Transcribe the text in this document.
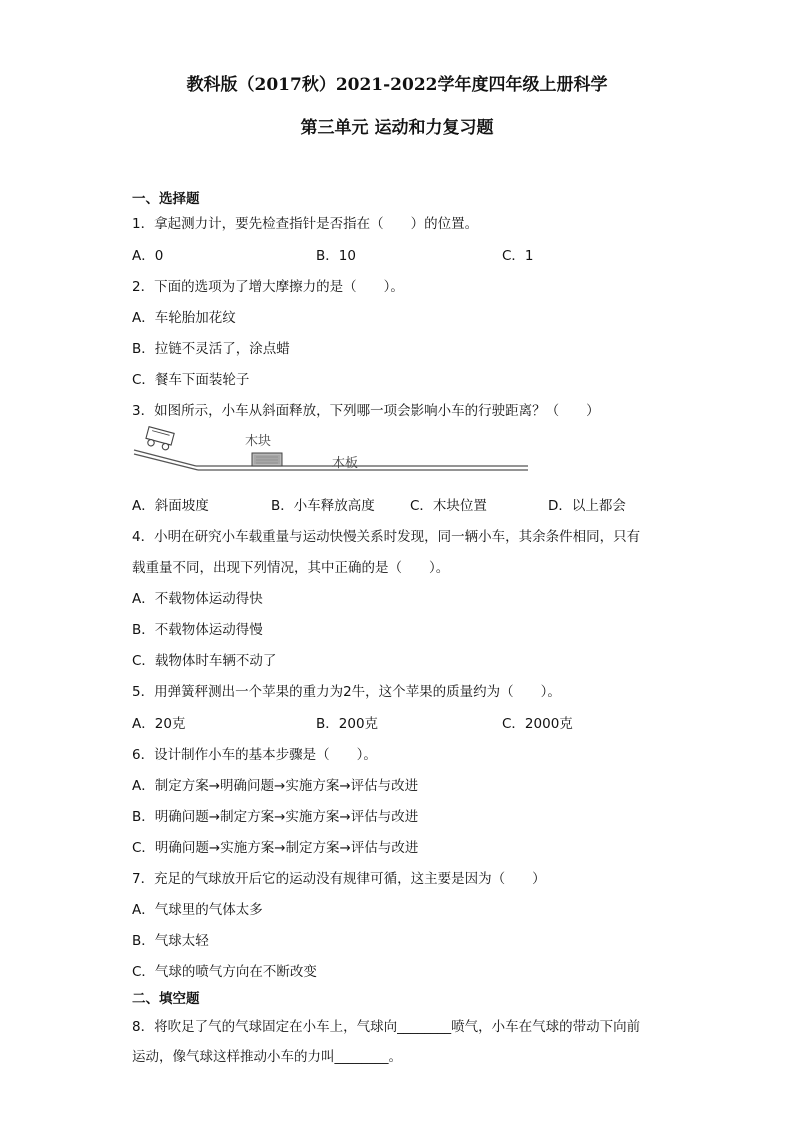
教科版（2017秋）2021-2022学年度四年级上册科学
第三单元 运动和力复习题
一、选择题
1．拿起测力计，要先检查指针是否指在（　　）的位置。
A．0	B．10	C．1
2．下面的选项为了增大摩擦力的是（　　）。
A．车轮胎加花纹
B．拉链不灵活了，涂点蜡
C．餐车下面装轮子
3．如图所示，小车从斜面释放，下列哪一项会影响小车的行驶距离？（　　）
木块
木板
A．斜面坡度	B．小车释放高度	C．木块位置	D．以上都会
4．小明在研究小车载重量与运动快慢关系时发现，同一辆小车，其余条件相同，只有
载重量不同，出现下列情况，其中正确的是（　　）。
A．不载物体运动得快
B．不载物体运动得慢
C．载物体时车辆不动了
5．用弹簧秤测出一个苹果的重力为2牛，这个苹果的质量约为（　　）。
A．20克	B．200克	C．2000克
6．设计制作小车的基本步骤是（　　）。
A．制定方案→明确问题→实施方案→评估与改进
B．明确问题→制定方案→实施方案→评估与改进
C．明确问题→实施方案→制定方案→评估与改进
7．充足的气球放开后它的运动没有规律可循，这主要是因为（　　）
A．气球里的气体太多
B．气球太轻
C．气球的喷气方向在不断改变
二、填空题
8．将吹足了气的气球固定在小车上，气球向________喷气，小车在气球的带动下向前
运动，像气球这样推动小车的力叫________。
